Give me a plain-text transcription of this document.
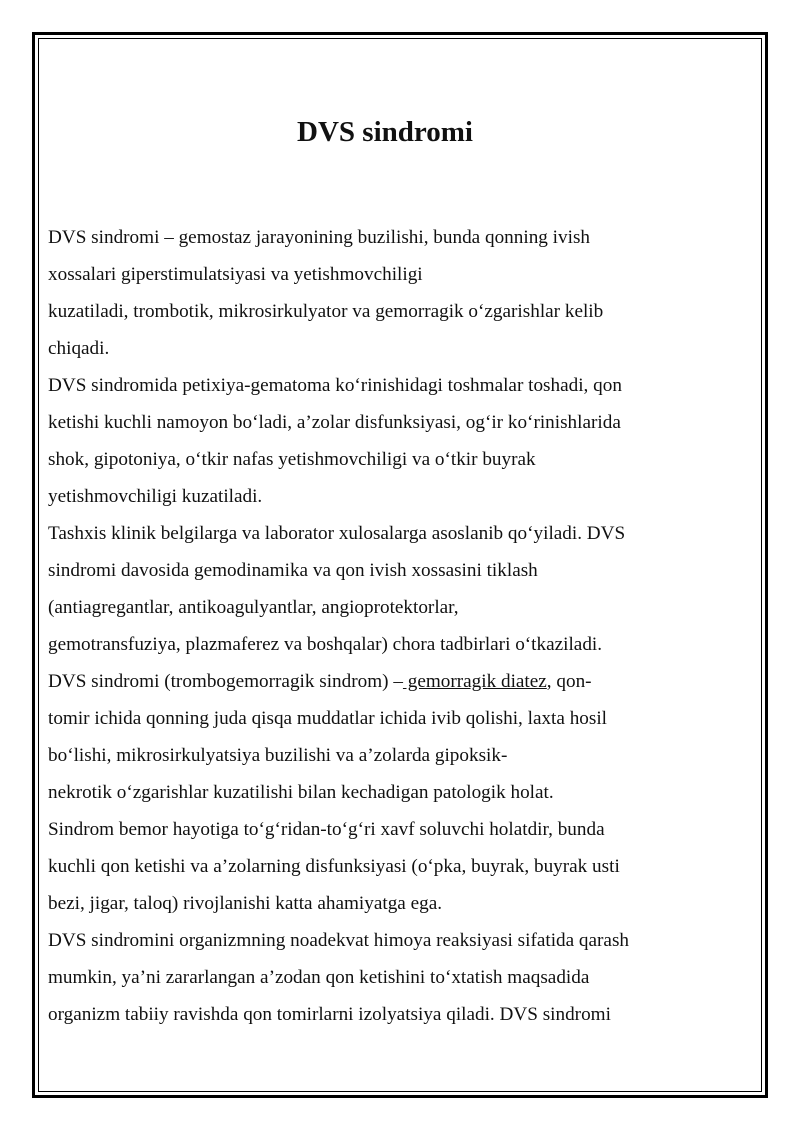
DVS sindromi
DVS sindromi – gemostaz jarayonining buzilishi, bunda qonning ivish
xossalari giperstimulatsiyasi va yetishmovchiligi
kuzatiladi, trombotik, mikrosirkulyator va gemorragik o‘zgarishlar kelib
chiqadi.
DVS sindromida petixiya-gematoma ko‘rinishidagi toshmalar toshadi, qon
ketishi kuchli namoyon bo‘ladi, a’zolar disfunksiyasi, og‘ir ko‘rinishlarida
shok, gipotoniya, o‘tkir nafas yetishmovchiligi va o‘tkir buyrak
yetishmovchiligi kuzatiladi.
Tashxis klinik belgilarga va laborator xulosalarga asoslanib qo‘yiladi. DVS
sindromi davosida gemodinamika va qon ivish xossasini tiklash
(antiagregantlar, antikoagulyantlar, angioprotektorlar,
gemotransfuziya, plazmaferez va boshqalar) chora tadbirlari o‘tkaziladi.
DVS sindromi (trombogemorragik sindrom) – gemorragik diatez, qon-
tomir ichida qonning juda qisqa muddatlar ichida ivib qolishi, laxta hosil
bo‘lishi, mikrosirkulyatsiya buzilishi va a’zolarda gipoksik-
nekrotik o‘zgarishlar kuzatilishi bilan kechadigan patologik holat.
Sindrom bemor hayotiga to‘g‘ridan-to‘g‘ri xavf soluvchi holatdir, bunda
kuchli qon ketishi va a’zolarning disfunksiyasi (o‘pka, buyrak, buyrak usti
bezi, jigar, taloq) rivojlanishi katta ahamiyatga ega.
DVS sindromini organizmning noadekvat himoya reaksiyasi sifatida qarash
mumkin, ya’ni zararlangan a’zodan qon ketishini to‘xtatish maqsadida
organizm tabiiy ravishda qon tomirlarni izolyatsiya qiladi. DVS sindromi
